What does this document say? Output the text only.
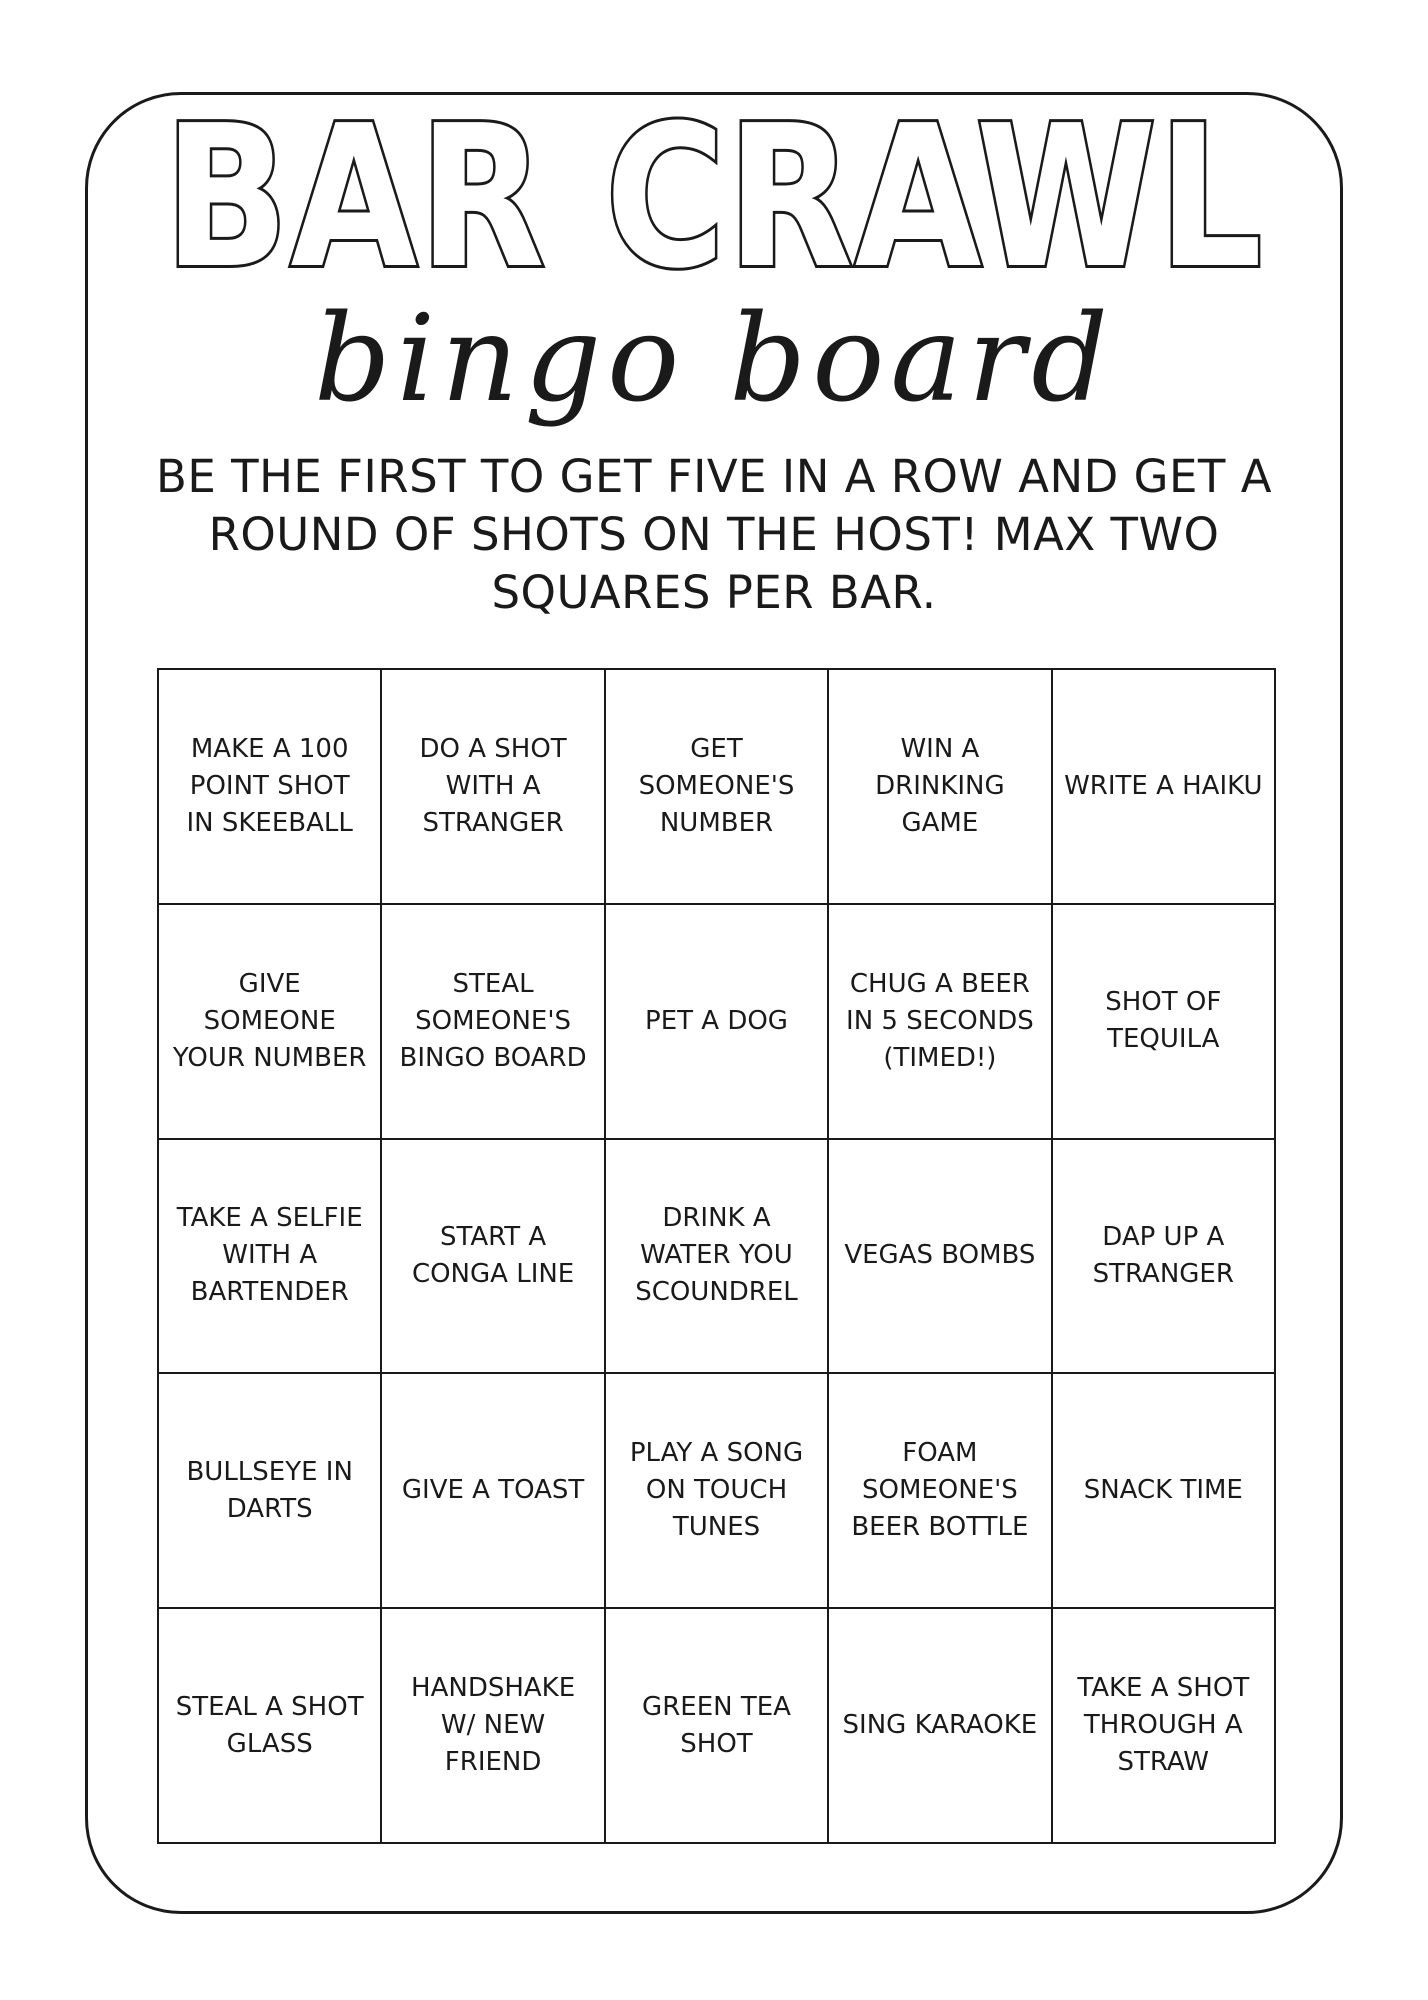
BAR CRAWL
bingo board
BE THE FIRST TO GET FIVE IN A ROW AND GET A ROUND OF SHOTS ON THE HOST! MAX TWO SQUARES PER BAR.
MAKE A 100
POINT SHOT
IN SKEEBALL
DO A SHOT
WITH A
STRANGER
GET
SOMEONE'S
NUMBER
WIN A
DRINKING
GAME
WRITE A HAIKU
GIVE
SOMEONE
YOUR NUMBER
STEAL
SOMEONE'S
BINGO BOARD
PET A DOG
CHUG A BEER
IN 5 SECONDS
(TIMED!)
SHOT OF
TEQUILA
TAKE A SELFIE
WITH A
BARTENDER
START A
CONGA LINE
DRINK A
WATER YOU
SCOUNDREL
VEGAS BOMBS
DAP UP A
STRANGER
BULLSEYE IN
DARTS
GIVE A TOAST
PLAY A SONG
ON TOUCH
TUNES
FOAM
SOMEONE'S
BEER BOTTLE
SNACK TIME
STEAL A SHOT
GLASS
HANDSHAKE
W/ NEW
FRIEND
GREEN TEA
SHOT
SING KARAOKE
TAKE A SHOT
THROUGH A
STRAW
